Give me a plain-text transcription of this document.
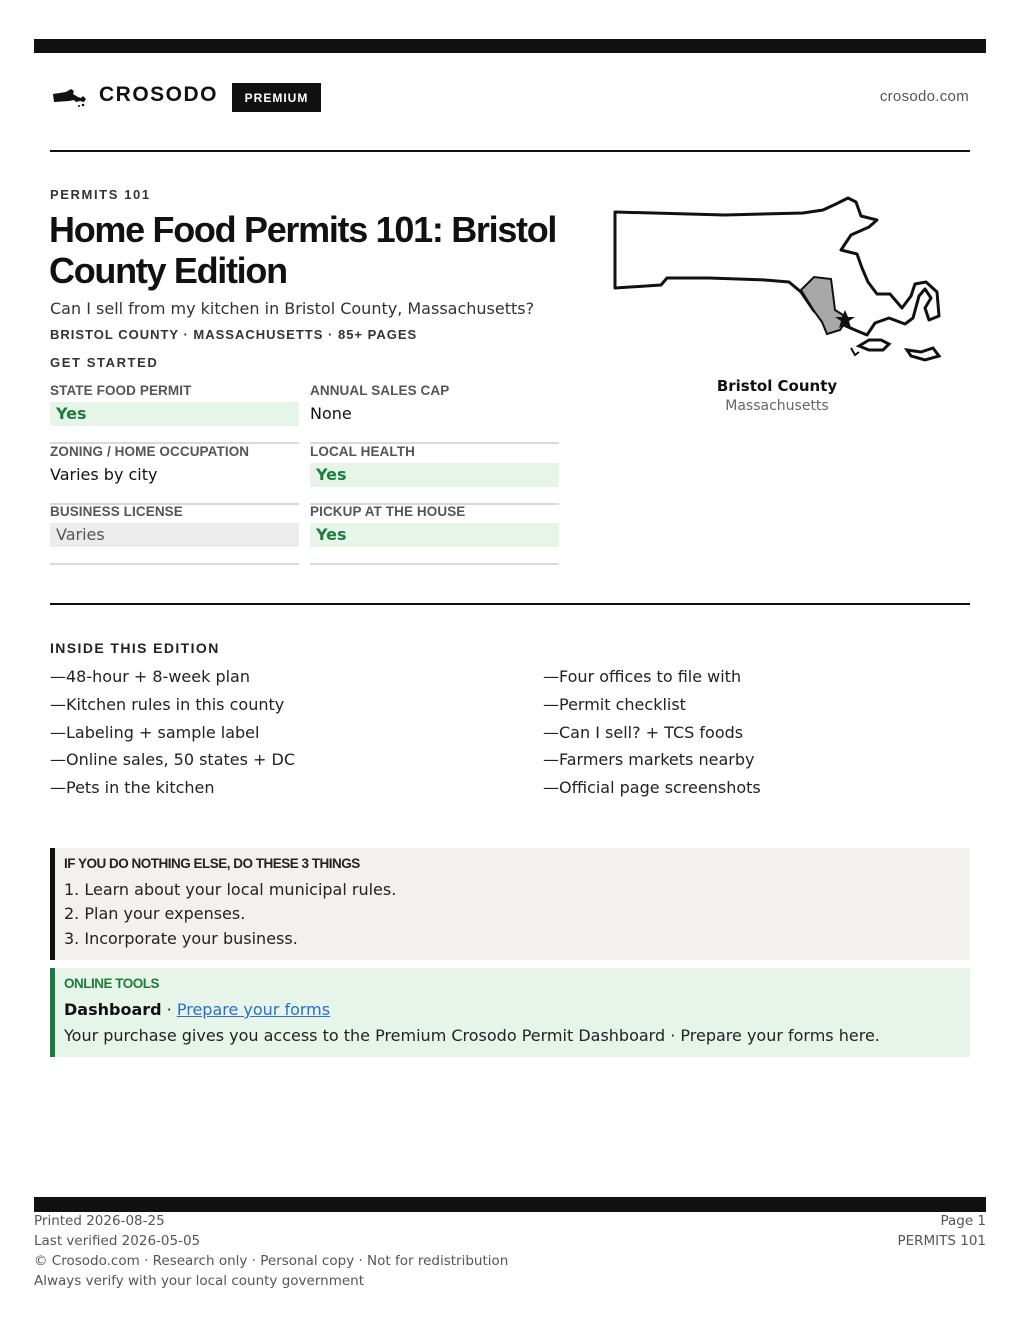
CROSODO	PREMIUM	crosodo.com
PERMITS 101
Home Food Permits 101: Bristol County Edition
Can I sell from my kitchen in Bristol County, Massachusetts?
BRISTOL COUNTY · MASSACHUSETTS · 85+ PAGES
GET STARTED
STATE FOOD PERMIT
Yes
ANNUAL SALES CAP
None
ZONING / HOME OCCUPATION
Varies by city
LOCAL HEALTH
Yes
BUSINESS LICENSE
Varies
PICKUP AT THE HOUSE
Yes
Bristol County
Massachusetts
INSIDE THIS EDITION
—48-hour + 8-week plan
—Kitchen rules in this county
—Labeling + sample label
—Online sales, 50 states + DC
—Pets in the kitchen
—Four offices to file with
—Permit checklist
—Can I sell? + TCS foods
—Farmers markets nearby
—Official page screenshots
IF YOU DO NOTHING ELSE, DO THESE 3 THINGS
1. Learn about your local municipal rules.
2. Plan your expenses.
3. Incorporate your business.
ONLINE TOOLS
Dashboard · Prepare your forms
Your purchase gives you access to the Premium Crosodo Permit Dashboard · Prepare your forms here.
Printed 2026-08-25
Last verified 2026-05-05
© Crosodo.com · Research only · Personal copy · Not for redistribution
Always verify with your local county government
Page 1
PERMITS 101
